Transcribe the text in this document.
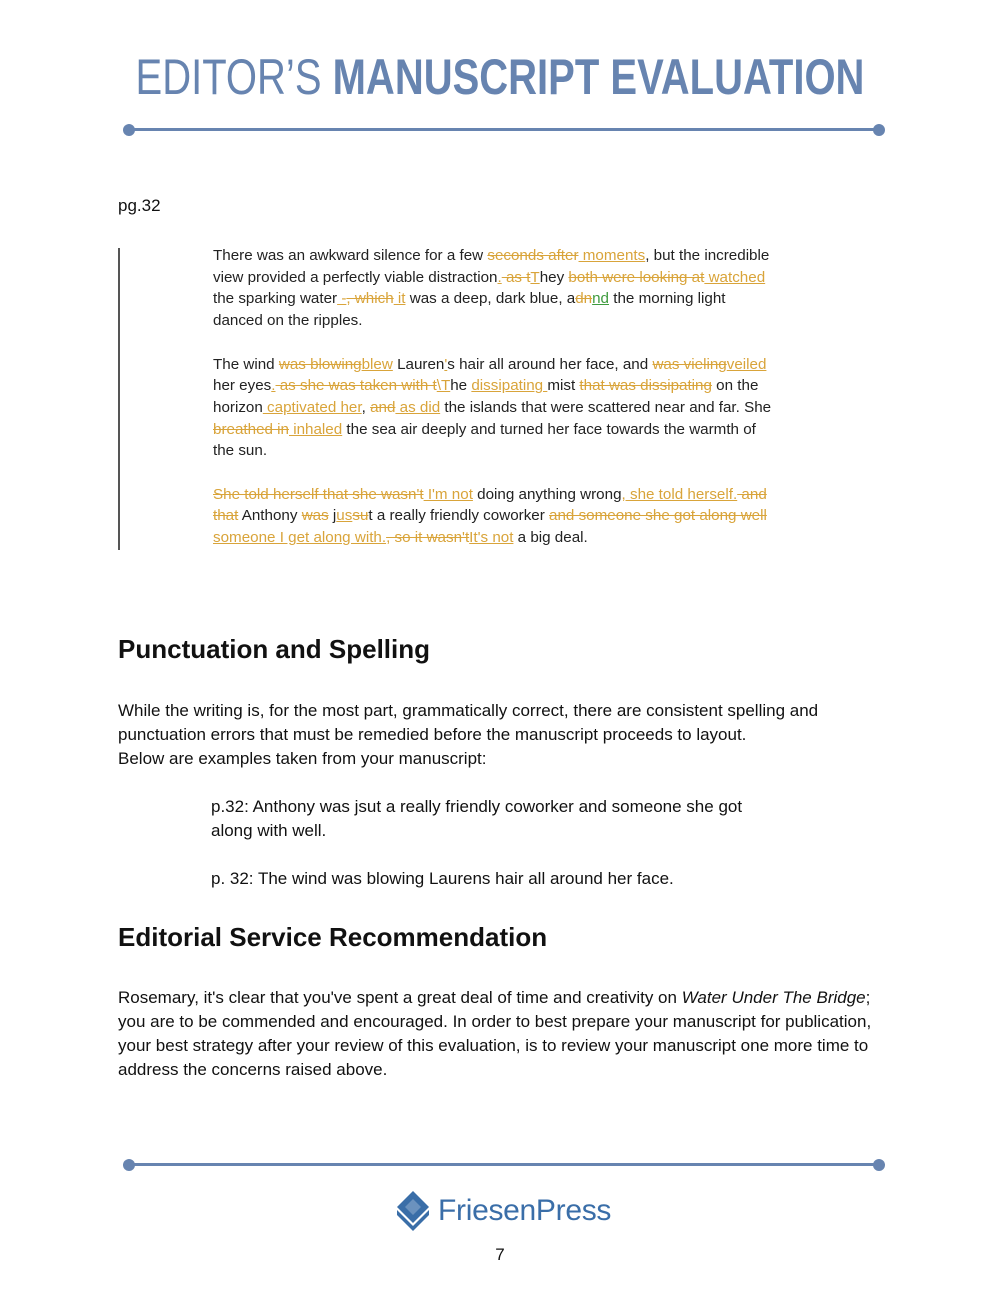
EDITOR’S MANUSCRIPT EVALUATION
pg.32

There was an awkward silence for a few seconds after moments, but the incredible view provided a perfectly viable distraction. as tThey both were looking at watched the sparking water -, which it was a deep, dark blue, adnnd the morning light danced on the ripples.

The wind was blowingblew Lauren's hair all around her face, and was vielingveiled her eyes. as she was taken with t\The dissipating mist that was dissipating on the horizon captivated her, and as did the islands that were scattered near and far. She breathed in inhaled the sea air deeply and turned her face towards the warmth of the sun.

She told herself that she wasn't I'm not doing anything wrong, she told herself. and that Anthony was jussut a really friendly coworker and someone she got along well someone I get along with., so it wasn'tIt's not a big deal.

Punctuation and Spelling
While the writing is, for the most part, grammatically correct, there are consistent spelling and punctuation errors that must be remedied before the manuscript proceeds to layout.
Below are examples taken from your manuscript:
p.32: Anthony was jsut a really friendly coworker and someone she got along with well.
p. 32: The wind was blowing Laurens hair all around her face.
Editorial Service Recommendation
Rosemary, it's clear that you've spent a great deal of time and creativity on Water Under The Bridge; you are to be commended and encouraged. In order to best prepare your manuscript for publication, your best strategy after your review of this evaluation, is to review your manuscript one more time to address the concerns raised above.
FriesenPress
7
